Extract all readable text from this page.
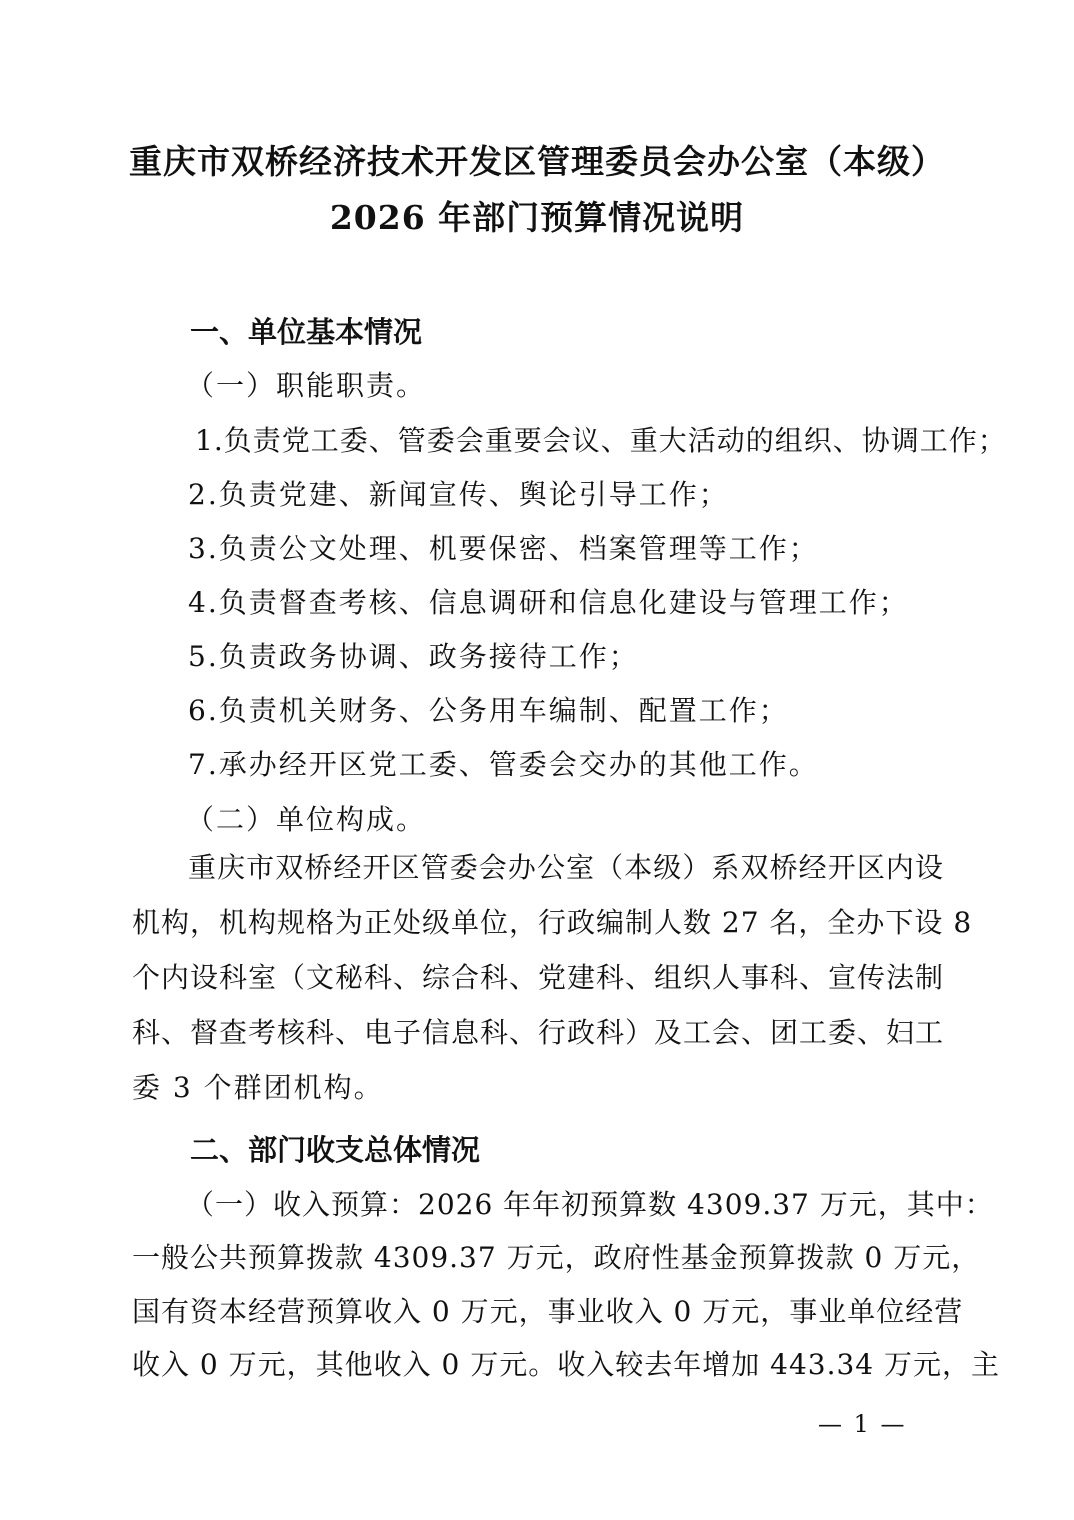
重庆市双桥经济技术开发区管理委员会办公室（本级）
2026 年部门预算情况说明
一、单位基本情况
（一）职能职责。
1.负责党工委、管委会重要会议、重大活动的组织、协调工作；
2.负责党建、新闻宣传、舆论引导工作；
3.负责公文处理、机要保密、档案管理等工作；
4.负责督查考核、信息调研和信息化建设与管理工作；
5.负责政务协调、政务接待工作；
6.负责机关财务、公务用车编制、配置工作；
7.承办经开区党工委、管委会交办的其他工作。
（二）单位构成。
重庆市双桥经开区管委会办公室（本级）系双桥经开区内设
机构，机构规格为正处级单位，行政编制人数 27 名，全办下设 8
个内设科室（文秘科、综合科、党建科、组织人事科、宣传法制
科、督查考核科、电子信息科、行政科）及工会、团工委、妇工
委 3 个群团机构。
二、部门收支总体情况
（一）收入预算：2026 年年初预算数 4309.37 万元，其中：
一般公共预算拨款 4309.37 万元，政府性基金预算拨款 0 万元，
国有资本经营预算收入 0 万元，事业收入 0 万元，事业单位经营
收入 0 万元，其他收入 0 万元。收入较去年增加 443.34 万元，主
— 1 —
